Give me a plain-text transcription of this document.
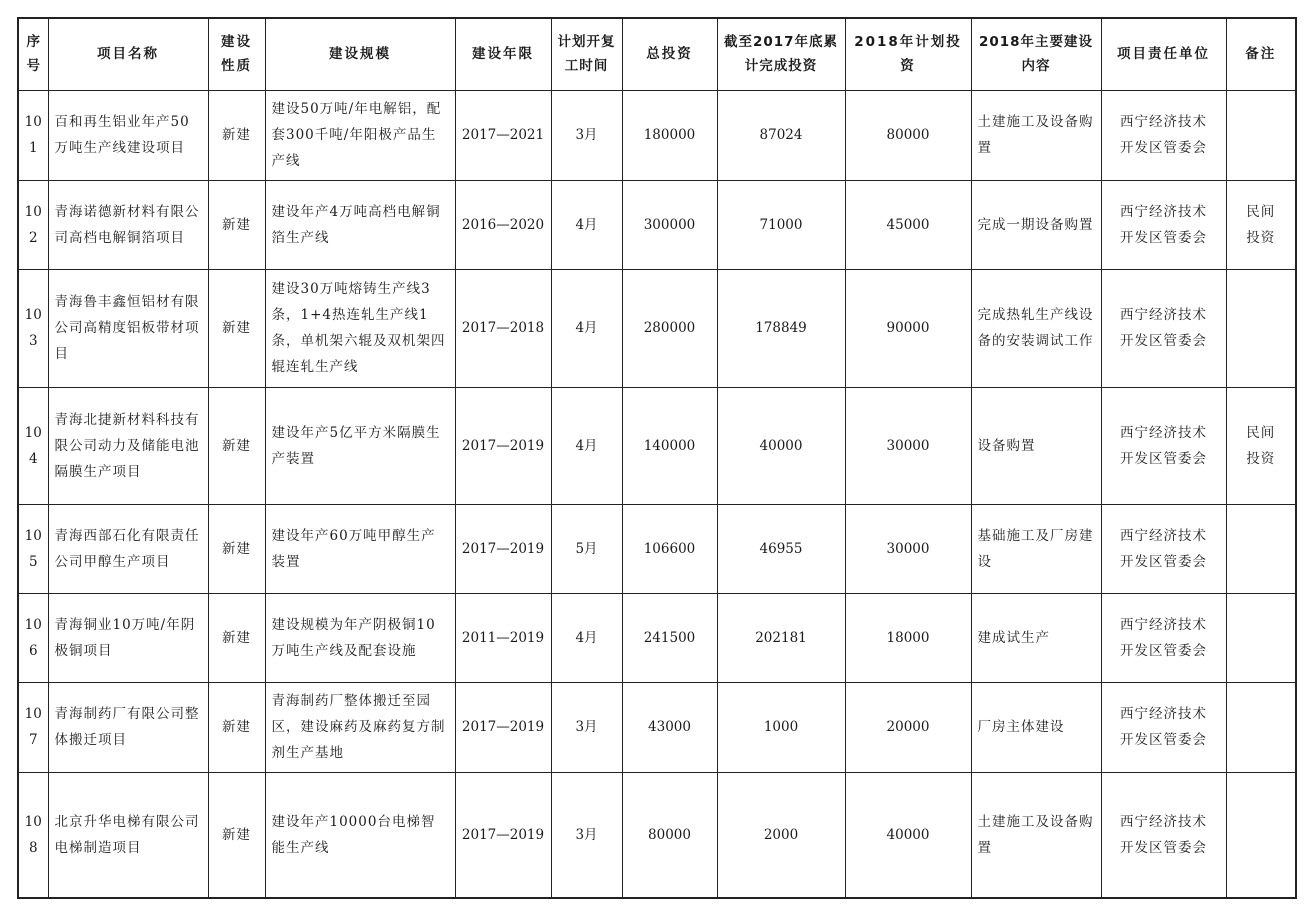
序号	项目名称	建设性质	建设规模	建设年限	计划开复工时间	总投资	截至2017年底累计完成投资	2018年计划投资	2018年主要建设内容	项目责任单位	备注
101	百和再生铝业年产50万吨生产线建设项目	新建	建设50万吨/年电解铝，配套300千吨/年阳极产品生产线	2017—2021	3月	180000	87024	80000	土建施工及设备购置	西宁经济技术开发区管委会	
102	青海诺德新材料有限公司高档电解铜箔项目	新建	建设年产4万吨高档电解铜箔生产线	2016—2020	4月	300000	71000	45000	完成一期设备购置	西宁经济技术开发区管委会	民间投资
103	青海鲁丰鑫恒铝材有限公司高精度铝板带材项目	新建	建设30万吨熔铸生产线3条，1+4热连轧生产线1条，单机架六辊及双机架四辊连轧生产线	2017—2018	4月	280000	178849	90000	完成热轧生产线设备的安装调试工作	西宁经济技术开发区管委会	
104	青海北捷新材料科技有限公司动力及储能电池隔膜生产项目	新建	建设年产5亿平方米隔膜生产装置	2017—2019	4月	140000	40000	30000	设备购置	西宁经济技术开发区管委会	民间投资
105	青海西部石化有限责任公司甲醇生产项目	新建	建设年产60万吨甲醇生产装置	2017—2019	5月	106600	46955	30000	基础施工及厂房建设	西宁经济技术开发区管委会	
106	青海铜业10万吨/年阴极铜项目	新建	建设规模为年产阴极铜10万吨生产线及配套设施	2011—2019	4月	241500	202181	18000	建成试生产	西宁经济技术开发区管委会	
107	青海制药厂有限公司整体搬迁项目	新建	青海制药厂整体搬迁至园区，建设麻药及麻药复方制剂生产基地	2017—2019	3月	43000	1000	20000	厂房主体建设	西宁经济技术开发区管委会	
108	北京升华电梯有限公司电梯制造项目	新建	建设年产10000台电梯智能生产线	2017—2019	3月	80000	2000	40000	土建施工及设备购置	西宁经济技术开发区管委会	
